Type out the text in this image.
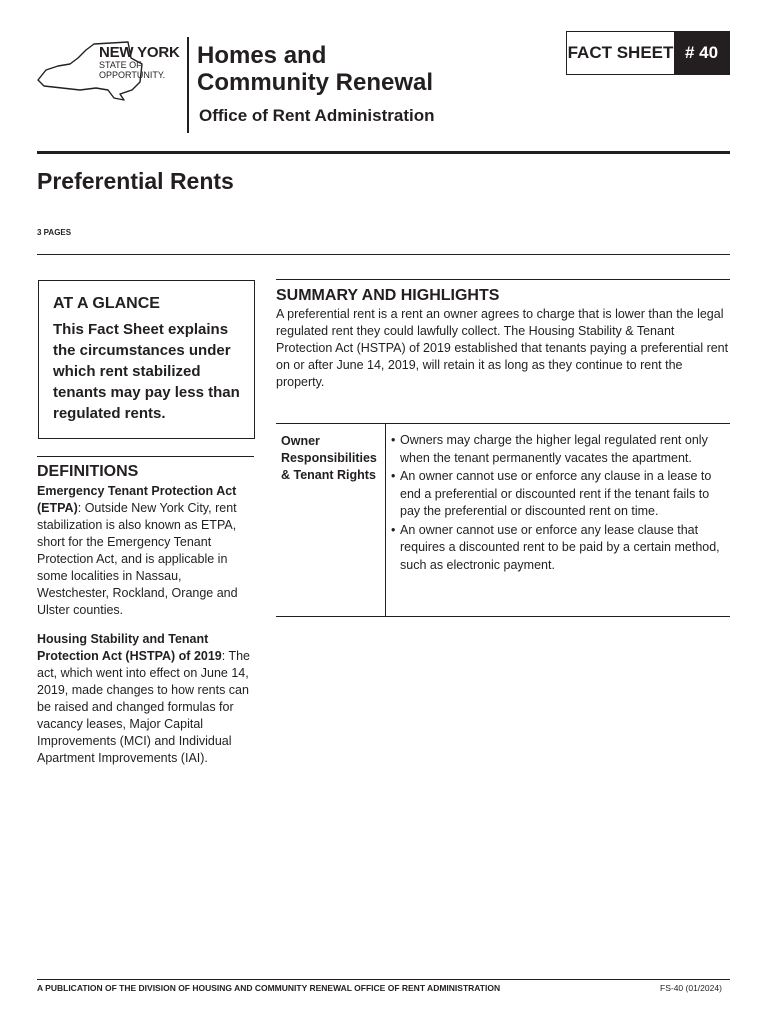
NEW YORK
STATE OF
OPPORTUNITY.
Homes and
Community Renewal
Office of Rent Administration
FACT SHEET # 40
Preferential Rents
3 PAGES
AT A GLANCE
This Fact Sheet explains the circumstances under which rent stabilized tenants may pay less than regulated rents.
DEFINITIONS
Emergency Tenant Protection Act (ETPA): Outside New York City, rent stabilization is also known as ETPA, short for the Emergency Tenant Protection Act, and is applicable in some localities in Nassau, Westchester, Rockland, Orange and Ulster counties.
Housing Stability and Tenant Protection Act (HSTPA) of 2019: The act, which went into effect on June 14, 2019, made changes to how rents can be raised and changed formulas for vacancy leases, Major Capital Improvements (MCI) and Individual Apartment Improvements (IAI).
SUMMARY AND HIGHLIGHTS
A preferential rent is a rent an owner agrees to charge that is lower than the legal regulated rent they could lawfully collect. The Housing Stability & Tenant Protection Act (HSTPA) of 2019 established that tenants paying a preferential rent on or after June 14, 2019, will retain it as long as they continue to rent the property.
Owner Responsibilities & Tenant Rights
• Owners may charge the higher legal regulated rent only when the tenant permanently vacates the apartment.
• An owner cannot use or enforce any clause in a lease to end a preferential or discounted rent if the tenant fails to pay the preferential or discounted rent on time.
• An owner cannot use or enforce any lease clause that requires a discounted rent to be paid by a certain method, such as electronic payment.
A PUBLICATION OF THE DIVISION OF HOUSING AND COMMUNITY RENEWAL OFFICE OF RENT ADMINISTRATION	FS-40 (01/2024)
